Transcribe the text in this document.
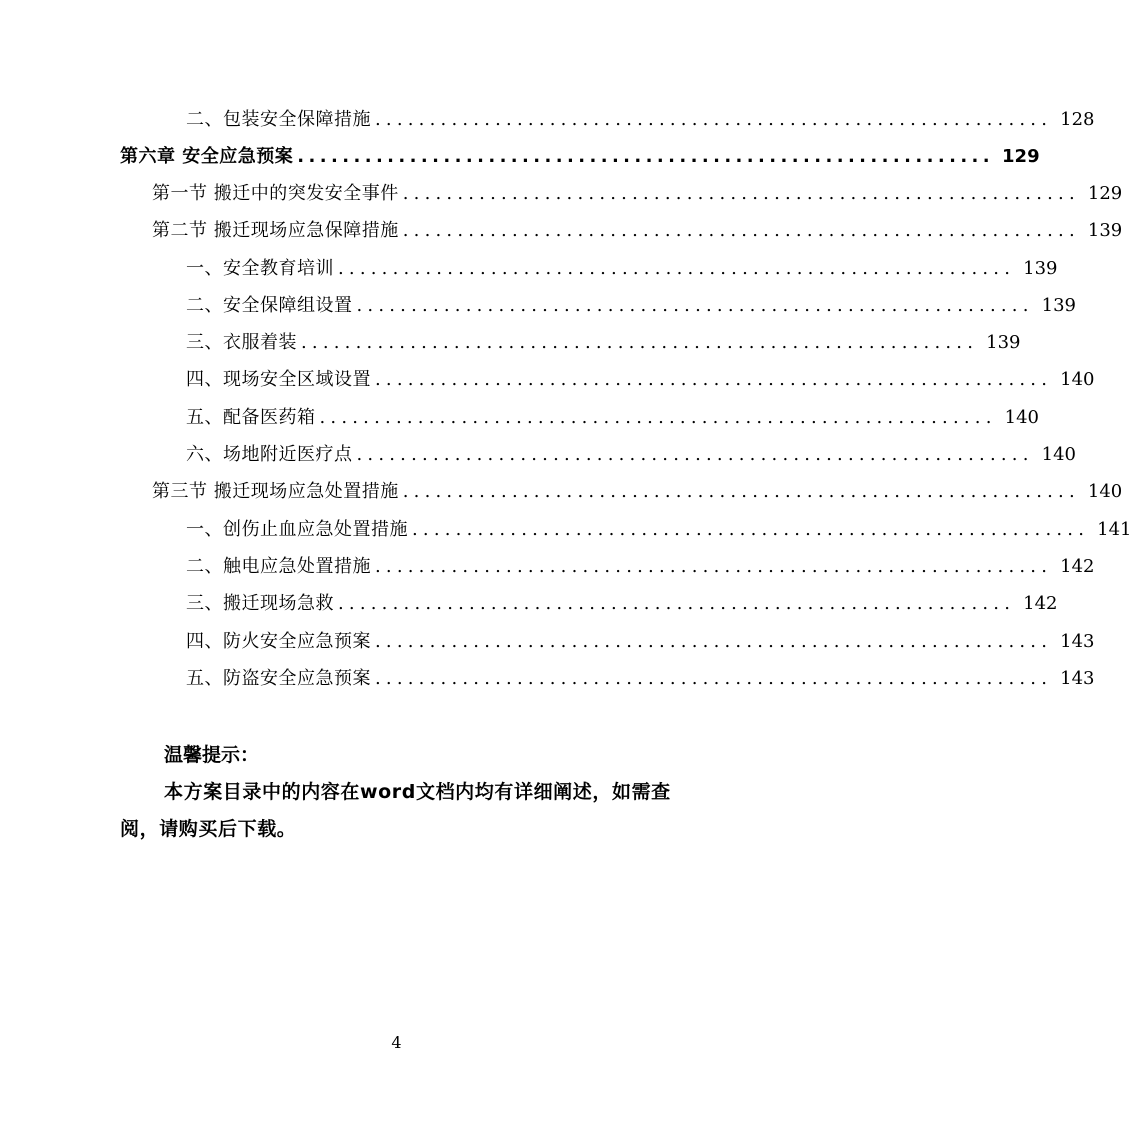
二、包装安全保障措施 .............................................................. 128
第六章 安全应急预案 .............................................................. 129
第一节 搬迁中的突发安全事件 .............................................................. 129
第二节 搬迁现场应急保障措施 .............................................................. 139
一、安全教育培训 .............................................................. 139
二、安全保障组设置 .............................................................. 139
三、衣服着装 .............................................................. 139
四、现场安全区域设置 .............................................................. 140
五、配备医药箱 .............................................................. 140
六、场地附近医疗点 .............................................................. 140
第三节 搬迁现场应急处置措施 .............................................................. 140
一、创伤止血应急处置措施 .............................................................. 141
二、触电应急处置措施 .............................................................. 142
三、搬迁现场急救 .............................................................. 142
四、防火安全应急预案 .............................................................. 143
五、防盗安全应急预案 .............................................................. 143
温馨提示：
本方案目录中的内容在word文档内均有详细阐述，如需查阅，请购买后下载。
4
